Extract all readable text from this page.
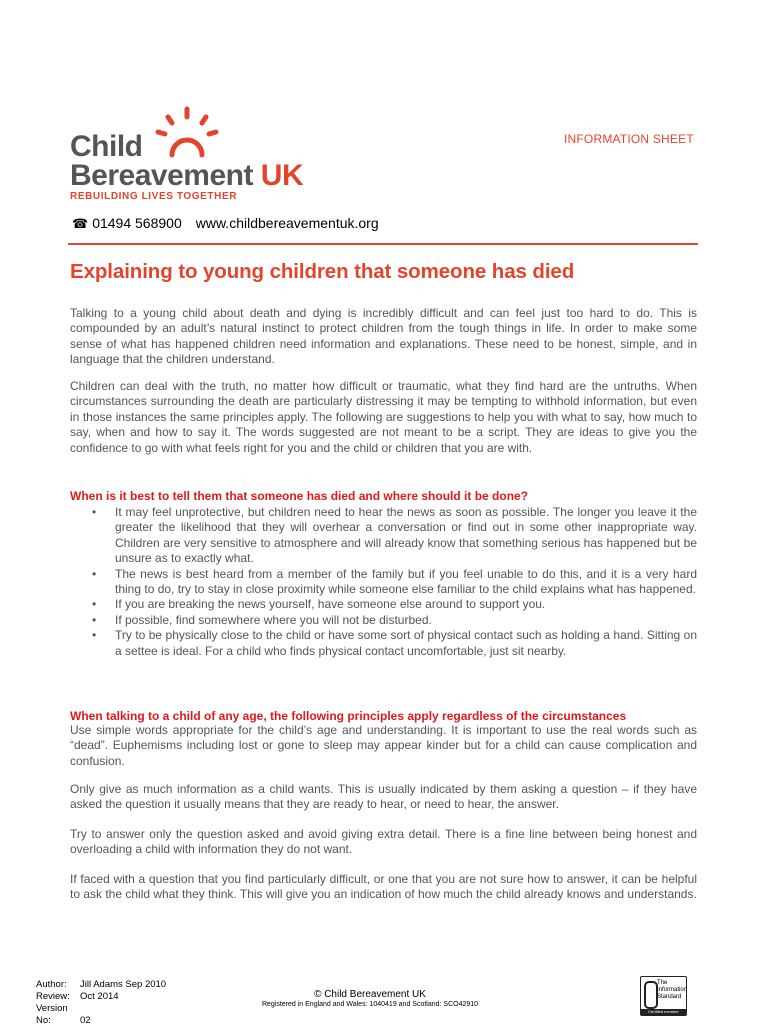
Child
Bereavement UK
REBUILDING LIVES TOGETHER
INFORMATION SHEET
☎ 01494 568900 www.childbereavementuk.org
Explaining to young children that someone has died

Talking to a young child about death and dying is incredibly difficult and can feel just too hard to do. This is compounded by an adult’s natural instinct to protect children from the tough things in life. In order to make some sense of what has happened children need information and explanations. These need to be honest, simple, and in language that the children understand.

Children can deal with the truth, no matter how difficult or traumatic, what they find hard are the untruths. When circumstances surrounding the death are particularly distressing it may be tempting to withhold information, but even in those instances the same principles apply. The following are suggestions to help you with what to say, how much to say, when and how to say it. The words suggested are not meant to be a script. They are ideas to give you the confidence to go with what feels right for you and the child or children that you are with.

When is it best to tell them that someone has died and where should it be done?

• It may feel unprotective, but children need to hear the news as soon as possible. The longer you leave it the greater the likelihood that they will overhear a conversation or find out in some other inappropriate way. Children are very sensitive to atmosphere and will already know that something serious has happened but be unsure as to exactly what.
• The news is best heard from a member of the family but if you feel unable to do this, and it is a very hard thing to do, try to stay in close proximity while someone else familiar to the child explains what has happened.
• If you are breaking the news yourself, have someone else around to support you.
• If possible, find somewhere where you will not be disturbed.
• Try to be physically close to the child or have some sort of physical contact such as holding a hand. Sitting on a settee is ideal. For a child who finds physical contact uncomfortable, just sit nearby.

When talking to a child of any age, the following principles apply regardless of the circumstances

Use simple words appropriate for the child’s age and understanding. It is important to use the real words such as “dead”. Euphemisms including lost or gone to sleep may appear kinder but for a child can cause complication and confusion.

Only give as much information as a child wants. This is usually indicated by them asking a question – if they have asked the question it usually means that they are ready to hear, or need to hear, the answer.

Try to answer only the question asked and avoid giving extra detail. There is a fine line between being honest and overloading a child with information they do not want.

If faced with a question that you find particularly difficult, or one that you are not sure how to answer, it can be helpful to ask the child what they think. This will give you an indication of how much the child already knows and understands.

Author: Jill Adams Sep 2010
Review: Oct 2014
Version No:	02
© Child Bereavement UK
Registered in England and Wales: 1040419 and Scotland: SCO42910
The Information Standard
Certified member
